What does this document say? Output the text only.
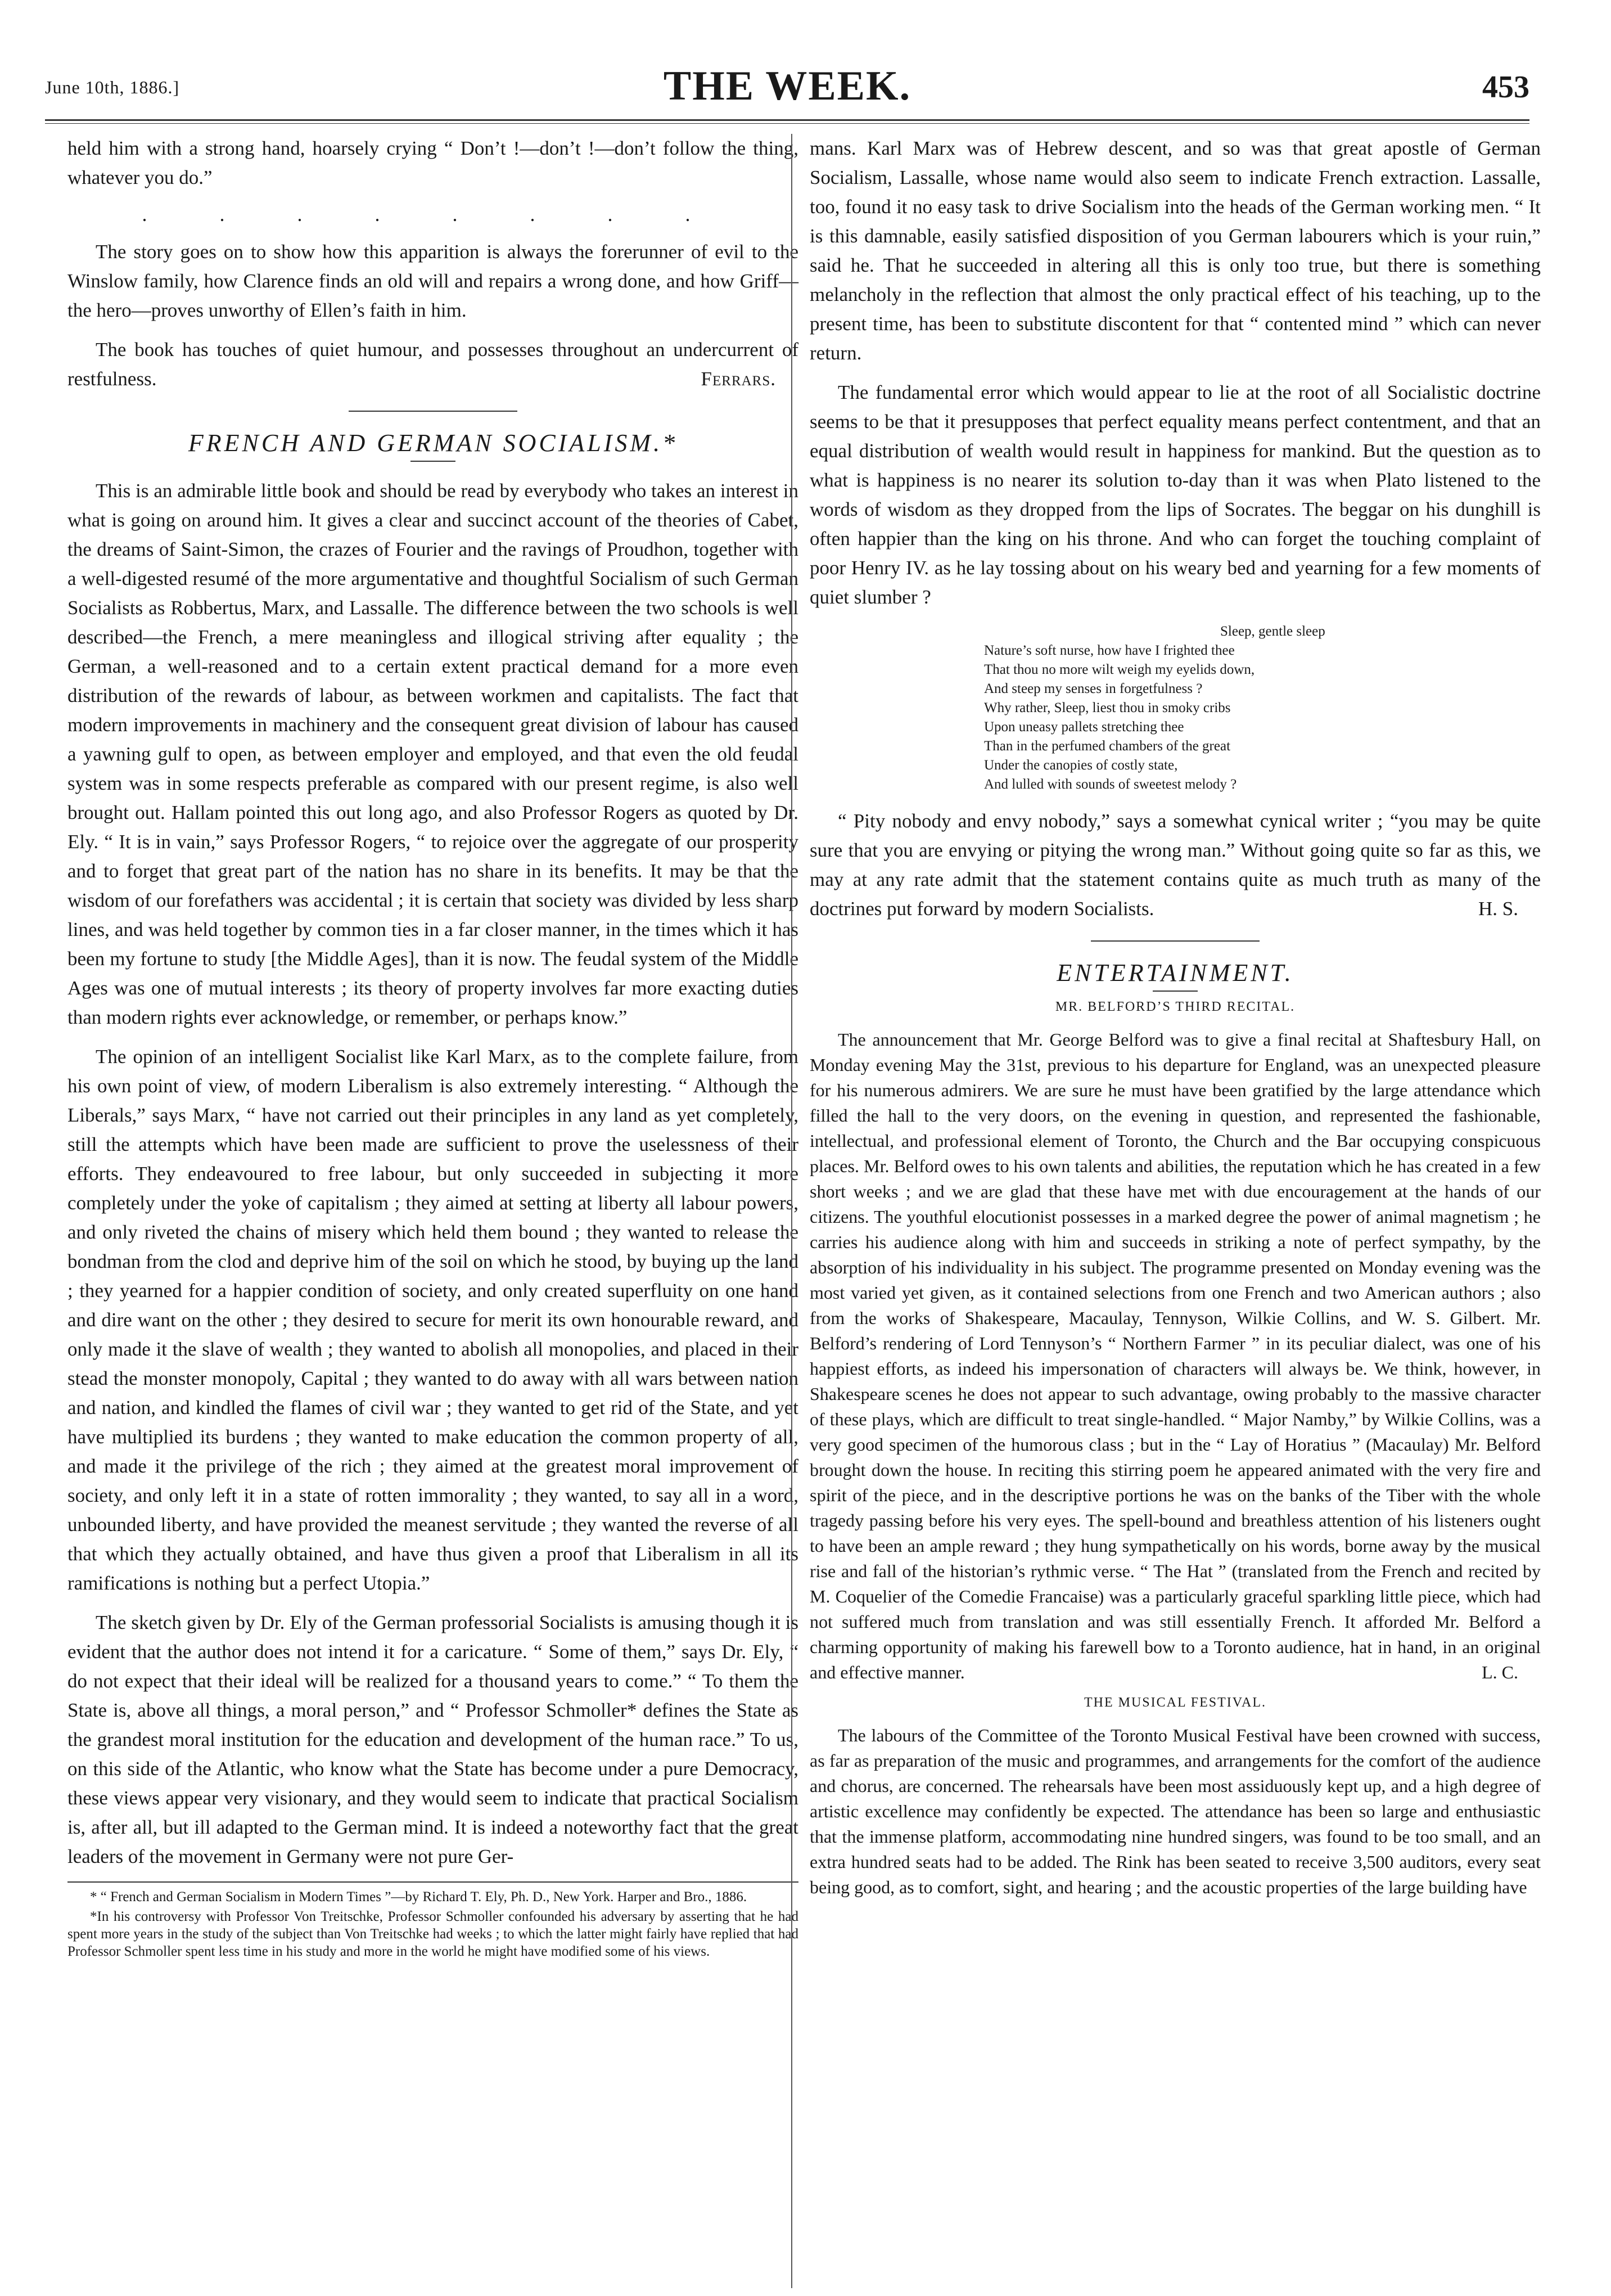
June 10th, 1886.]	THE WEEK.	453

held him with a strong hand, hoarsely crying “ Don’t !—don’t !—don’t follow the thing, whatever you do.”

. . . . . . . .

The story goes on to show how this apparition is always the forerunner of evil to the Winslow family, how Clarence finds an old will and repairs a wrong done, and how Griff—the hero—proves unworthy of Ellen’s faith in him.

The book has touches of quiet humour, and possesses throughout an undercurrent of restfulness.	Ferrars.

FRENCH AND GERMAN SOCIALISM.*

This is an admirable little book and should be read by everybody who takes an interest in what is going on around him. It gives a clear and succinct account of the theories of Cabet, the dreams of Saint-Simon, the crazes of Fourier and the ravings of Proudhon, together with a well-digested resumé of the more argumentative and thoughtful Socialism of such German Socialists as Robbertus, Marx, and Lassalle. The difference between the two schools is well described—the French, a mere meaningless and illogical striving after equality ; the German, a well-reasoned and to a certain extent practical demand for a more even distribution of the rewards of labour, as between workmen and capitalists. The fact that modern improvements in machinery and the consequent great division of labour has caused a yawning gulf to open, as between employer and employed, and that even the old feudal system was in some respects preferable as compared with our present regime, is also well brought out. Hallam pointed this out long ago, and also Professor Rogers as quoted by Dr. Ely. “ It is in vain,” says Professor Rogers, “ to rejoice over the aggregate of our prosperity and to forget that great part of the nation has no share in its benefits. It may be that the wisdom of our forefathers was accidental ; it is certain that society was divided by less sharp lines, and was held together by common ties in a far closer manner, in the times which it has been my fortune to study [the Middle Ages], than it is now. The feudal system of the Middle Ages was one of mutual interests ; its theory of property involves far more exacting duties than modern rights ever acknowledge, or remember, or perhaps know.”

The opinion of an intelligent Socialist like Karl Marx, as to the complete failure, from his own point of view, of modern Liberalism is also extremely interesting. “ Although the Liberals,” says Marx, “ have not carried out their principles in any land as yet completely, still the attempts which have been made are sufficient to prove the uselessness of their efforts. They endeavoured to free labour, but only succeeded in subjecting it more completely under the yoke of capitalism ; they aimed at setting at liberty all labour powers, and only riveted the chains of misery which held them bound ; they wanted to release the bondman from the clod and deprive him of the soil on which he stood, by buying up the land ; they yearned for a happier condition of society, and only created superfluity on one hand and dire want on the other ; they desired to secure for merit its own honourable reward, and only made it the slave of wealth ; they wanted to abolish all monopolies, and placed in their stead the monster monopoly, Capital ; they wanted to do away with all wars between nation and nation, and kindled the flames of civil war ; they wanted to get rid of the State, and yet have multiplied its burdens ; they wanted to make education the common property of all, and made it the privilege of the rich ; they aimed at the greatest moral improvement of society, and only left it in a state of rotten immorality ; they wanted, to say all in a word, unbounded liberty, and have provided the meanest servitude ; they wanted the reverse of all that which they actually obtained, and have thus given a proof that Liberalism in all its ramifications is nothing but a perfect Utopia.”

The sketch given by Dr. Ely of the German professorial Socialists is amusing though it is evident that the author does not intend it for a caricature. “ Some of them,” says Dr. Ely, “ do not expect that their ideal will be realized for a thousand years to come.” “ To them the State is, above all things, a moral person,” and “ Professor Schmoller* defines the State as the grandest moral institution for the education and development of the human race.” To us, on this side of the Atlantic, who know what the State has become under a pure Democracy, these views appear very visionary, and they would seem to indicate that practical Socialism is, after all, but ill adapted to the German mind. It is indeed a noteworthy fact that the great leaders of the movement in Germany were not pure Ger-

* “ French and German Socialism in Modern Times ”—by Richard T. Ely, Ph. D., New York. Harper and Bro., 1886.

*In his controversy with Professor Von Treitschke, Professor Schmoller confounded his adversary by asserting that he had spent more years in the study of the subject than Von Treitschke had weeks ; to which the latter might fairly have replied that had Professor Schmoller spent less time in his study and more in the world he might have modified some of his views.

mans. Karl Marx was of Hebrew descent, and so was that great apostle of German Socialism, Lassalle, whose name would also seem to indicate French extraction. Lassalle, too, found it no easy task to drive Socialism into the heads of the German working men. “ It is this damnable, easily satisfied disposition of you German labourers which is your ruin,” said he. That he succeeded in altering all this is only too true, but there is something melancholy in the reflection that almost the only practical effect of his teaching, up to the present time, has been to substitute discontent for that “ contented mind ” which can never return.

The fundamental error which would appear to lie at the root of all Socialistic doctrine seems to be that it presupposes that perfect equality means perfect contentment, and that an equal distribution of wealth would result in happiness for mankind. But the question as to what is happiness is no nearer its solution to-day than it was when Plato listened to the words of wisdom as they dropped from the lips of Socrates. The beggar on his dunghill is often happier than the king on his throne. And who can forget the touching complaint of poor Henry IV. as he lay tossing about on his weary bed and yearning for a few moments of quiet slumber ?

Sleep, gentle sleep
Nature’s soft nurse, how have I frighted thee
That thou no more wilt weigh my eyelids down,
And steep my senses in forgetfulness ?
Why rather, Sleep, liest thou in smoky cribs
Upon uneasy pallets stretching thee
Than in the perfumed chambers of the great
Under the canopies of costly state,
And lulled with sounds of sweetest melody ?

“ Pity nobody and envy nobody,” says a somewhat cynical writer ; “you may be quite sure that you are envying or pitying the wrong man.” Without going quite so far as this, we may at any rate admit that the statement contains quite as much truth as many of the doctrines put forward by modern Socialists.	H. S.

ENTERTAINMENT.
MR. BELFORD’S THIRD RECITAL.

The announcement that Mr. George Belford was to give a final recital at Shaftesbury Hall, on Monday evening May the 31st, previous to his departure for England, was an unexpected pleasure for his numerous admirers. We are sure he must have been gratified by the large attendance which filled the hall to the very doors, on the evening in question, and represented the fashionable, intellectual, and professional element of Toronto, the Church and the Bar occupying conspicuous places. Mr. Belford owes to his own talents and abilities, the reputation which he has created in a few short weeks ; and we are glad that these have met with due encouragement at the hands of our citizens. The youthful elocutionist possesses in a marked degree the power of animal magnetism ; he carries his audience along with him and succeeds in striking a note of perfect sympathy, by the absorption of his individuality in his subject. The programme presented on Monday evening was the most varied yet given, as it contained selections from one French and two American authors ; also from the works of Shakespeare, Macaulay, Tennyson, Wilkie Collins, and W. S. Gilbert. Mr. Belford’s rendering of Lord Tennyson’s “ Northern Farmer ” in its peculiar dialect, was one of his happiest efforts, as indeed his impersonation of characters will always be. We think, however, in Shakespeare scenes he does not appear to such advantage, owing probably to the massive character of these plays, which are difficult to treat single-handled. “ Major Namby,” by Wilkie Collins, was a very good specimen of the humorous class ; but in the “ Lay of Horatius ” (Macaulay) Mr. Belford brought down the house. In reciting this stirring poem he appeared animated with the very fire and spirit of the piece, and in the descriptive portions he was on the banks of the Tiber with the whole tragedy passing before his very eyes. The spell-bound and breathless attention of his listeners ought to have been an ample reward ; they hung sympathetically on his words, borne away by the musical rise and fall of the historian’s rythmic verse. “ The Hat ” (translated from the French and recited by M. Coquelier of the Comedie Francaise) was a particularly graceful sparkling little piece, which had not suffered much from translation and was still essentially French. It afforded Mr. Belford a charming opportunity of making his farewell bow to a Toronto audience, hat in hand, in an original and effective manner.	L. C.

THE MUSICAL FESTIVAL.

The labours of the Committee of the Toronto Musical Festival have been crowned with success, as far as preparation of the music and programmes, and arrangements for the comfort of the audience and chorus, are concerned. The rehearsals have been most assiduously kept up, and a high degree of artistic excellence may confidently be expected. The attendance has been so large and enthusiastic that the immense platform, accommodating nine hundred singers, was found to be too small, and an extra hundred seats had to be added. The Rink has been seated to receive 3,500 auditors, every seat being good, as to comfort, sight, and hearing ; and the acoustic properties of the large building have
